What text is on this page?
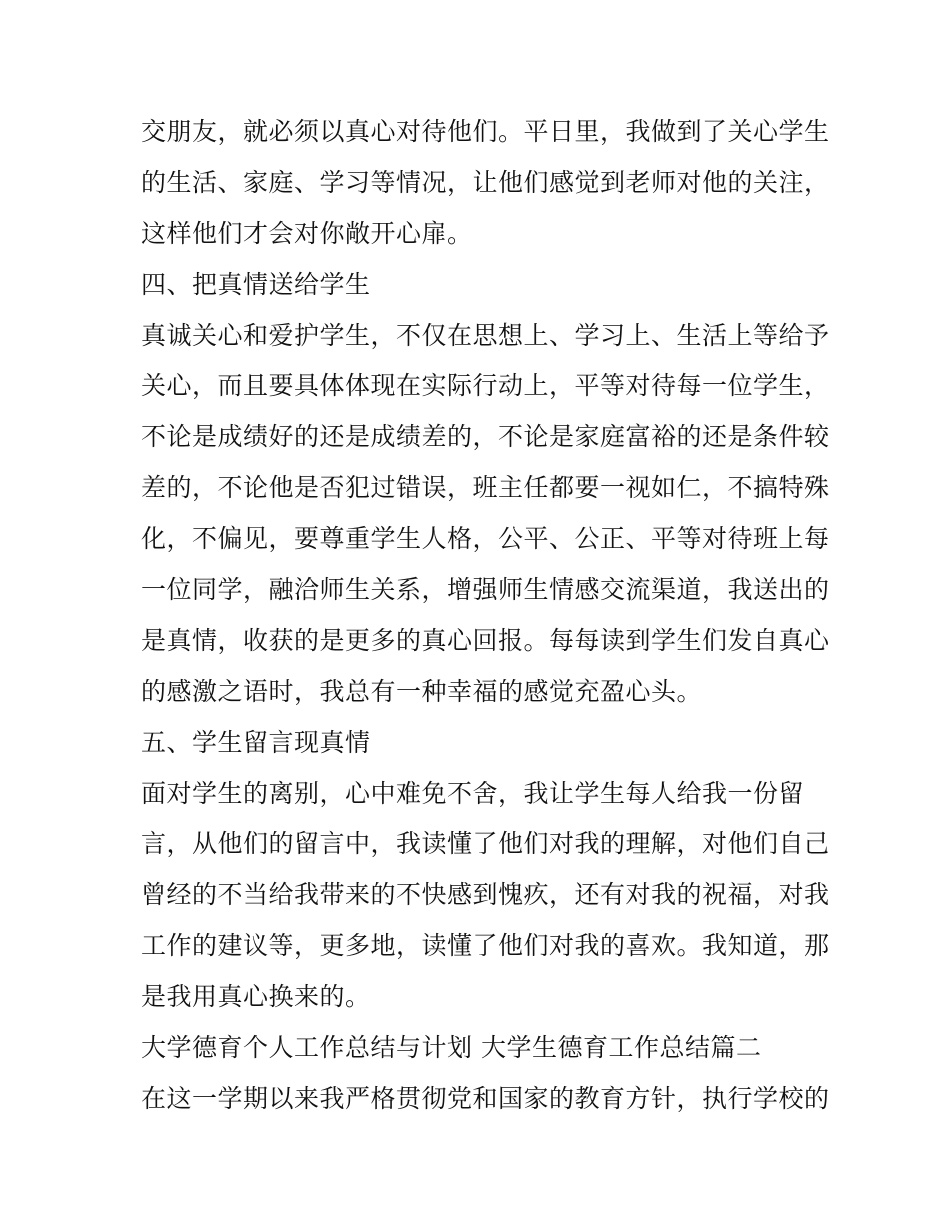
交朋友，就必须以真心对待他们。平日里，我做到了关心学生
的生活、家庭、学习等情况，让他们感觉到老师对他的关注，
这样他们才会对你敞开心扉。
四、把真情送给学生
真诚关心和爱护学生，不仅在思想上、学习上、生活上等给予
关心，而且要具体体现在实际行动上，平等对待每一位学生，
不论是成绩好的还是成绩差的，不论是家庭富裕的还是条件较
差的，不论他是否犯过错误，班主任都要一视如仁，不搞特殊
化，不偏见，要尊重学生人格，公平、公正、平等对待班上每
一位同学，融洽师生关系，增强师生情感交流渠道，我送出的
是真情，收获的是更多的真心回报。每每读到学生们发自真心
的感激之语时，我总有一种幸福的感觉充盈心头。
五、学生留言现真情
面对学生的离别，心中难免不舍，我让学生每人给我一份留
言，从他们的留言中，我读懂了他们对我的理解，对他们自己
曾经的不当给我带来的不快感到愧疚，还有对我的祝福，对我
工作的建议等，更多地，读懂了他们对我的喜欢。我知道，那
是我用真心换来的。
大学德育个人工作总结与计划 大学生德育工作总结篇二
在这一学期以来我严格贯彻党和国家的教育方针，执行学校的
